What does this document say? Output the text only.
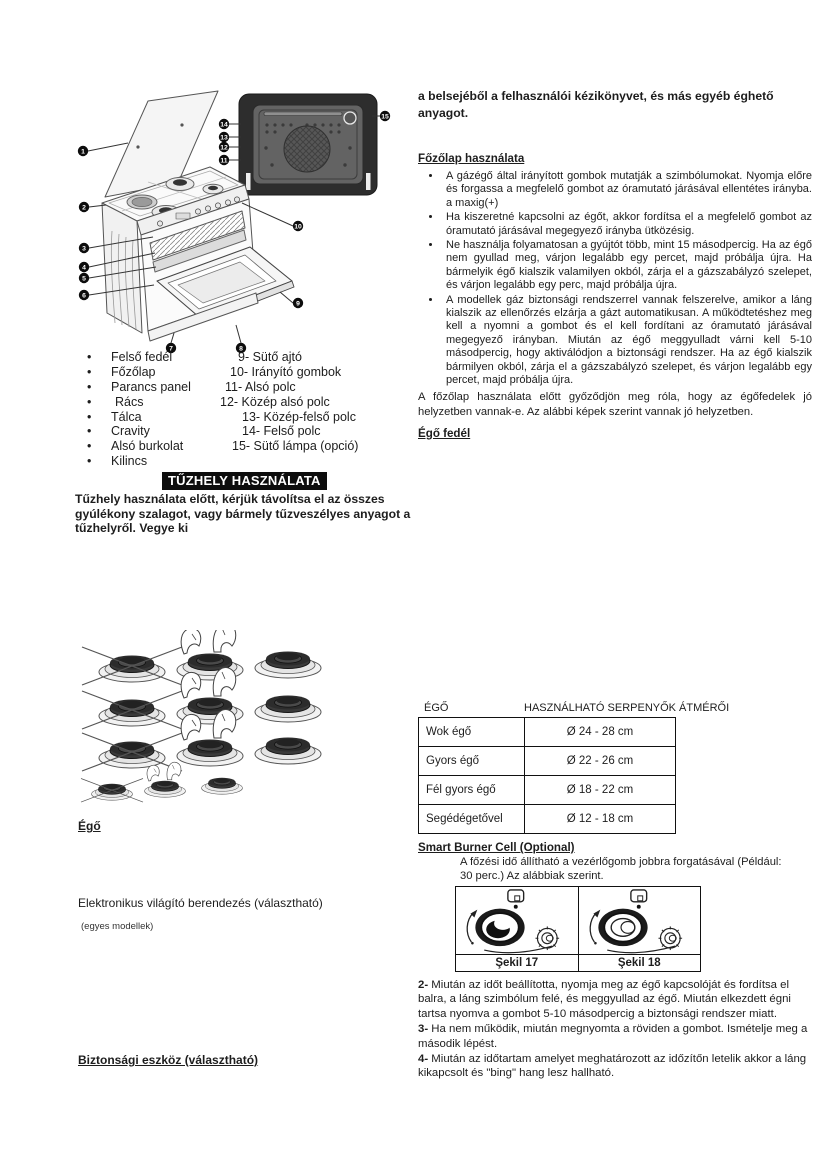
1
2
3
4
5
6
7	8
9
10
11
12
13
14
15
•	Felső fedél	9- Sütő ajtó
•	Főzőlap	10- Irányító gombok
•	Parancs panel	11- Alsó polc
•	Rács	12- Közép alsó polc
•	Tálca	13- Közép-felső polc
•	Cravity	14- Felső polc
•	Alsó burkolat	15- Sütő lámpa (opció)
•	Kilincs
TŰZHELY HASZNÁLATA
Tűzhely használata előtt, kérjük távolítsa el az összes gyúlékony szalagot, vagy bármely tűzveszélyes anyagot a tűzhelyről. Vegye ki
Égő
Elektronikus világító berendezés (választható)
(egyes modellek)
Biztonsági eszköz (választható)

a belsejéből a felhasználói kézikönyvet, és más egyéb éghető anyagot.

Főzőlap használata
• A gázégő által irányított gombok mutatják a szimbólumokat. Nyomja előre és forgassa a megfelelő gombot az óramutató járásával ellentétes irányba. a maxig(+)
• Ha kiszeretné kapcsolni az égőt, akkor fordítsa el a megfelelő gombot az óramutató járásával megegyező irányba ütközésig.
• Ne használja folyamatosan a gyújtót több, mint 15 másodpercig. Ha az égő nem gyullad meg, várjon legalább egy percet, majd próbálja újra. Ha bármelyik égő kialszik valamilyen okból, zárja el a gázszabályzó szelepet, és várjon legalább egy perc, majd próbálja újra.
• A modellek gáz biztonsági rendszerrel vannak felszerelve, amikor a láng kialszik az ellenőrzés elzárja a gázt automatikusan. A működtetéshez meg kell a nyomni a gombot és el kell fordítani az óramutató járásával megegyező irányban. Miután az égő meggyulladt várni kell 5-10 másodpercig, hogy aktiválódjon a biztonsági rendszer. Ha az égő kialszik bármilyen okból, zárja el a gázszabályzó szelepet, és várjon legalább egy percet, majd próbálja újra.

A főzőlap használata előtt győződjön meg róla, hogy az égőfedelek jó helyzetben vannak-e. Az alábbi képek szerint vannak jó helyzetben.

Égő fedél
ÉGŐ	HASZNÁLHATÓ SERPENYŐK ÁTMÉRŐI
Wok égő	Ø 24 - 28 cm
Gyors égő	Ø 22 - 26 cm
Fél gyors égő	Ø 18 - 22 cm
Segédégetővel	Ø 12 - 18 cm
Smart Burner Cell (Optional)

A főzési idő állítható a vezérlőgomb jobbra forgatásával (Például: 30 perc.) Az alábbiak szerint.

Şekil 17	Şekil 18

2- Miután az időt beállította, nyomja meg az égő kapcsolóját és fordítsa el balra, a láng szimbólum felé, és meggyullad az égő. Miután elkezdett égni tartsa nyomva a gombot 5-10 másodpercig a biztonsági rendszer miatt.

3- Ha nem működik, miután megnyomta a röviden a gombot. Ismételje meg a második lépést.

4- Miután az időtartam amelyet meghatározott az időzítőn letelik akkor a láng kikapcsolt és "bing" hang lesz hallható.
